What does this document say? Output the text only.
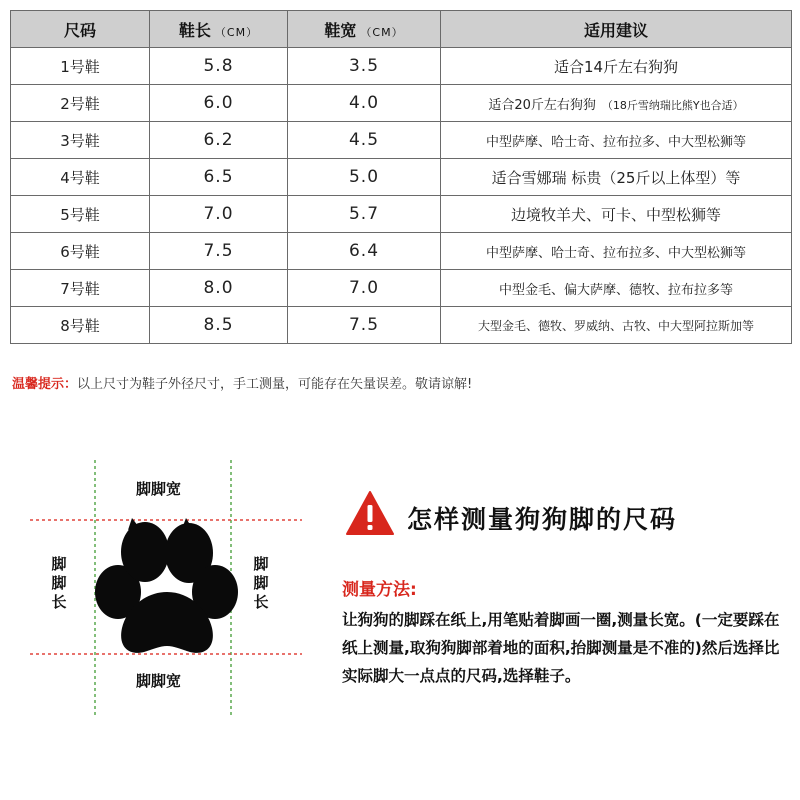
尺码	鞋长 （CM）	鞋宽 （CM）	适用建议
1号鞋	5.8	3.5	适合14斤左右狗狗
2号鞋	6.0	4.0	适合20斤左右狗狗 （18斤雪纳瑞比熊Y也合适）
3号鞋	6.2	4.5	中型萨摩、哈士奇、拉布拉多、中大型松狮等
4号鞋	6.5	5.0	适合雪娜瑞 标贵（25斤以上体型）等
5号鞋	7.0	5.7	边境牧羊犬、可卡、中型松狮等
6号鞋	7.5	6.4	中型萨摩、哈士奇、拉布拉多、中大型松狮等
7号鞋	8.0	7.0	中型金毛、偏大萨摩、德牧、拉布拉多等
8号鞋	8.5	7.5	大型金毛、德牧、罗威纳、古牧、中大型阿拉斯加等
温馨提示：以上尺寸为鞋子外径尺寸，手工测量，可能存在矢量误差。敬请谅解!
脚脚宽
脚脚宽
脚脚长
脚脚长
怎样测量狗狗脚的尺码
测量方法:
让狗狗的脚踩在纸上,用笔贴着脚画一圈,测量长宽。(一定要踩在纸上测量,取狗狗脚部着地的面积,抬脚测量是不准的)然后选择比实际脚大一点点的尺码,选择鞋子。
